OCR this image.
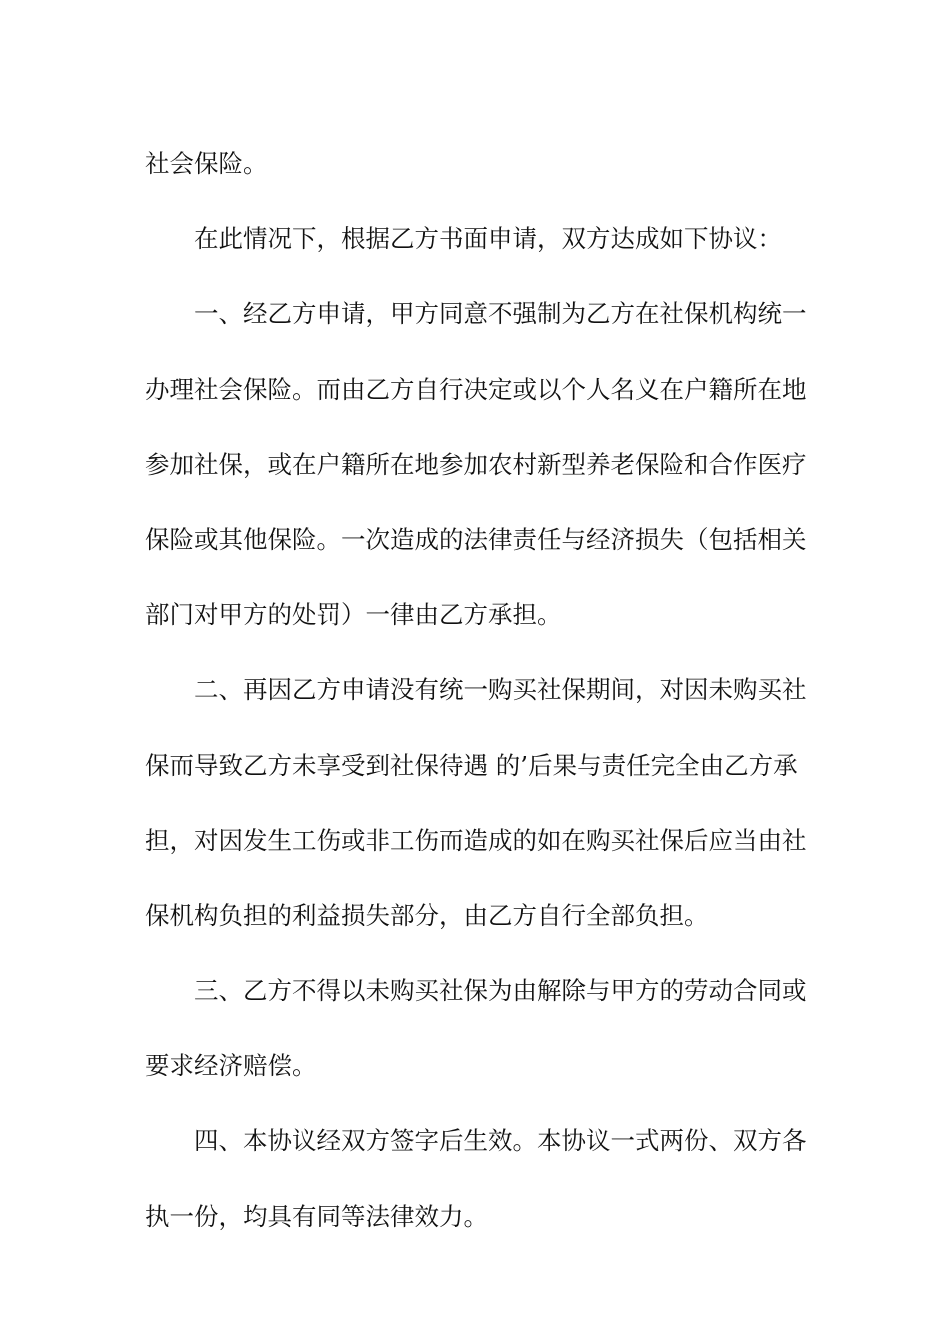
社会保险。
在此情况下，根据乙方书面申请，双方达成如下协议：
一、经乙方申请，甲方同意不强制为乙方在社保机构统一
办理社会保险。而由乙方自行决定或以个人名义在户籍所在地
参加社保，或在户籍所在地参加农村新型养老保险和合作医疗
保险或其他保险。一次造成的法律责任与经济损失（包括相关
部门对甲方的处罚）一律由乙方承担。
二、再因乙方申请没有统一购买社保期间，对因未购买社
保而导致乙方未享受到社保待遇 的’后果与责任完全由乙方承
担，对因发生工伤或非工伤而造成的如在购买社保后应当由社
保机构负担的利益损失部分，由乙方自行全部负担。
三、乙方不得以未购买社保为由解除与甲方的劳动合同或
要求经济赔偿。
四、本协议经双方签字后生效。本协议一式两份、双方各
执一份，均具有同等法律效力。
